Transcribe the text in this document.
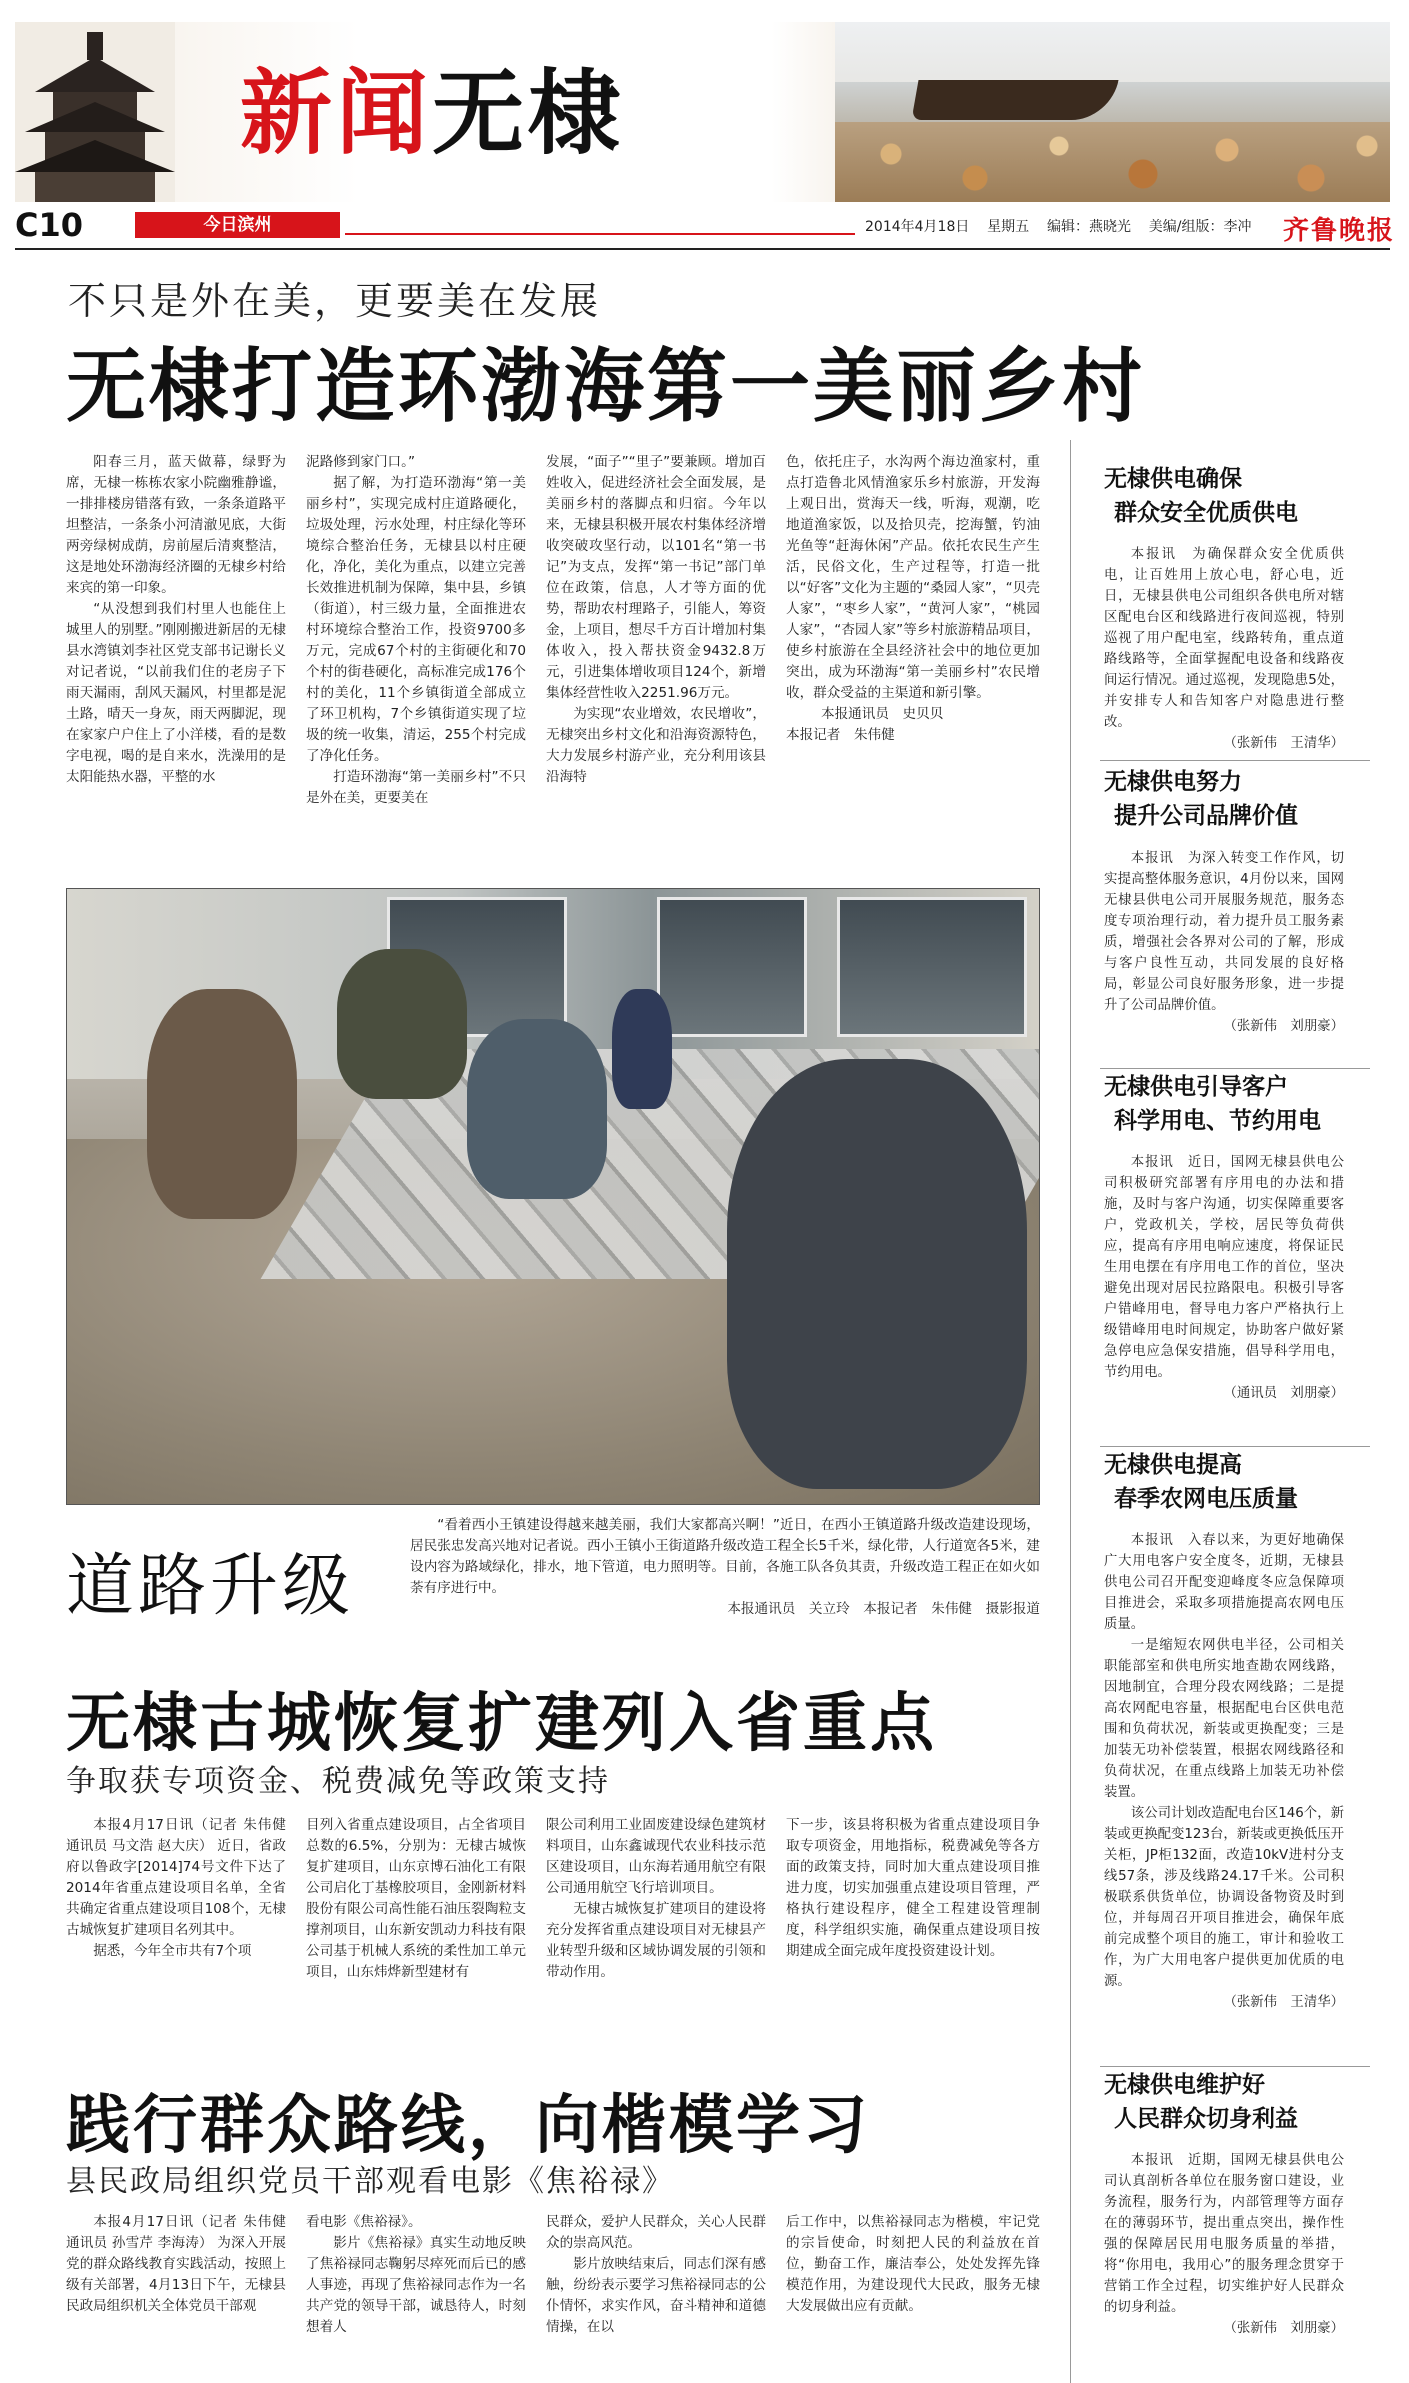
新闻无棣
C10	今日滨州	2014年4月18日 星期五 编辑：燕晓光 美编/组版：李冲 齐鲁晚报
不只是外在美，更要美在发展
无棣打造环渤海第一美丽乡村

阳春三月，蓝天做幕，绿野为席，无棣一栋栋农家小院幽雅静谧，一排排楼房错落有致，一条条道路平坦整洁，一条条小河清澈见底，大街两旁绿树成荫，房前屋后清爽整洁，这是地处环渤海经济圈的无棣乡村给来宾的第一印象。

“从没想到我们村里人也能住上城里人的别墅。”刚刚搬进新居的无棣县水湾镇刘李社区党支部书记谢长义对记者说，“以前我们住的老房子下雨天漏雨，刮风天漏风，村里都是泥土路，晴天一身灰，雨天两脚泥，现在家家户户住上了小洋楼，看的是数字电视，喝的是自来水，洗澡用的是太阳能热水器，平整的水

泥路修到家门口。”

据了解，为打造环渤海“第一美丽乡村”，实现完成村庄道路硬化，垃圾处理，污水处理，村庄绿化等环境综合整治任务，无棣县以村庄硬化，净化，美化为重点，以建立完善长效推进机制为保障，集中县，乡镇（街道），村三级力量，全面推进农村环境综合整治工作，投资9700多万元，完成67个村的主街硬化和70个村的街巷硬化，高标准完成176个村的美化，11个乡镇街道全部成立了环卫机构，7个乡镇街道实现了垃圾的统一收集，清运，255个村完成了净化任务。

打造环渤海“第一美丽乡村”不只是外在美，更要美在

发展，“面子”“里子”要兼顾。增加百姓收入，促进经济社会全面发展，是美丽乡村的落脚点和归宿。今年以来，无棣县积极开展农村集体经济增收突破攻坚行动，以101名“第一书记”为支点，发挥“第一书记”部门单位在政策，信息，人才等方面的优势，帮助农村理路子，引能人，筹资金，上项目，想尽千方百计增加村集体收入，投入帮扶资金9432.8万元，引进集体增收项目124个，新增集体经营性收入2251.96万元。

为实现“农业增效，农民增收”，无棣突出乡村文化和沿海资源特色，大力发展乡村游产业，充分利用该县沿海特

色，依托庄子，水沟两个海边渔家村，重点打造鲁北风情渔家乐乡村旅游，开发海上观日出，赏海天一线，听海，观潮，吃地道渔家饭，以及拾贝壳，挖海蟹，钓油光鱼等“赶海休闲”产品。依托农民生产生活，民俗文化，生产过程等，打造一批以“好客”文化为主题的“桑园人家”，“贝壳人家”，“枣乡人家”，“黄河人家”，“桃园人家”，“杏园人家”等乡村旅游精品项目，使乡村旅游在全县经济社会中的地位更加突出，成为环渤海“第一美丽乡村”农民增收，群众受益的主渠道和新引擎。

本报通讯员　史贝贝

本报记者　朱伟健

道路升级

“看着西小王镇建设得越来越美丽，我们大家都高兴啊！”近日，在西小王镇道路升级改造建设现场，居民张忠发高兴地对记者说。西小王镇小王街道路升级改造工程全长5千米，绿化带，人行道宽各5米，建设内容为路域绿化，排水，地下管道，电力照明等。目前，各施工队各负其责，升级改造工程正在如火如荼有序进行中。

本报通讯员　关立玲　本报记者　朱伟健　摄影报道

无棣古城恢复扩建列入省重点
争取获专项资金、税费减免等政策支持

本报4月17日讯（记者 朱伟健 通讯员 马文浩 赵大庆） 近日，省政府以鲁政字[2014]74号文件下达了2014年省重点建设项目名单，全省共确定省重点建设项目108个，无棣古城恢复扩建项目名列其中。

据悉，今年全市共有7个项

目列入省重点建设项目，占全省项目总数的6.5%，分别为：无棣古城恢复扩建项目，山东京博石油化工有限公司启化丁基橡胶项目，金刚新材料股份有限公司高性能石油压裂陶粒支撑剂项目，山东新安凯动力科技有限公司基于机械人系统的柔性加工单元项目，山东炜烨新型建材有

限公司利用工业固废建设绿色建筑材料项目，山东鑫诚现代农业科技示范区建设项目，山东海若通用航空有限公司通用航空飞行培训项目。

无棣古城恢复扩建项目的建设将充分发挥省重点建设项目对无棣县产业转型升级和区域协调发展的引领和带动作用。

下一步，该县将积极为省重点建设项目争取专项资金，用地指标，税费减免等各方面的政策支持，同时加大重点建设项目推进力度，切实加强重点建设项目管理，严格执行建设程序，健全工程建设管理制度，科学组织实施，确保重点建设项目按期建成全面完成年度投资建设计划。

践行群众路线，向楷模学习
县民政局组织党员干部观看电影《焦裕禄》

本报4月17日讯（记者 朱伟健 通讯员 孙雪芹 李海涛） 为深入开展党的群众路线教育实践活动，按照上级有关部署，4月13日下午，无棣县民政局组织机关全体党员干部观

看电影《焦裕禄》。

影片《焦裕禄》真实生动地反映了焦裕禄同志鞠躬尽瘁死而后已的感人事迹，再现了焦裕禄同志作为一名共产党的领导干部，诚恳待人，时刻想着人

民群众，爱护人民群众，关心人民群众的崇高风范。

影片放映结束后，同志们深有感触，纷纷表示要学习焦裕禄同志的公仆情怀，求实作风，奋斗精神和道德情操，在以

后工作中，以焦裕禄同志为楷模，牢记党的宗旨使命，时刻把人民的利益放在首位，勤奋工作，廉洁奉公，处处发挥先锋模范作用，为建设现代大民政，服务无棣大发展做出应有贡献。

无棣供电确保
群众安全优质供电

本报讯　为确保群众安全优质供电，让百姓用上放心电，舒心电，近日，无棣县供电公司组织各供电所对辖区配电台区和线路进行夜间巡视，特别巡视了用户配电室，线路转角，重点道路线路等，全面掌握配电设备和线路夜间运行情况。通过巡视，发现隐患5处，并安排专人和告知客户对隐患进行整改。

（张新伟　王清华）

无棣供电努力
提升公司品牌价值

本报讯　为深入转变工作作风，切实提高整体服务意识，4月份以来，国网无棣县供电公司开展服务规范，服务态度专项治理行动，着力提升员工服务素质，增强社会各界对公司的了解，形成与客户良性互动，共同发展的良好格局，彰显公司良好服务形象，进一步提升了公司品牌价值。

（张新伟　刘朋豪）

无棣供电引导客户
科学用电、节约用电

本报讯　近日，国网无棣县供电公司积极研究部署有序用电的办法和措施，及时与客户沟通，切实保障重要客户，党政机关，学校，居民等负荷供应，提高有序用电响应速度，将保证民生用电摆在有序用电工作的首位，坚决避免出现对居民拉路限电。积极引导客户错峰用电，督导电力客户严格执行上级错峰用电时间规定，协助客户做好紧急停电应急保安措施，倡导科学用电，节约用电。

（通讯员　刘朋豪）

无棣供电提高
春季农网电压质量

本报讯　入春以来，为更好地确保广大用电客户安全度冬，近期，无棣县供电公司召开配变迎峰度冬应急保障项目推进会，采取多项措施提高农网电压质量。

一是缩短农网供电半径，公司相关职能部室和供电所实地查勘农网线路，因地制宜，合理分段农网线路；二是提高农网配电容量，根据配电台区供电范围和负荷状况，新装或更换配变；三是加装无功补偿装置，根据农网线路径和负荷状况，在重点线路上加装无功补偿装置。

该公司计划改造配电台区146个，新装或更换配变123台，新装或更换低压开关柜，JP柜132面，改造10kV进村分支线57条，涉及线路24.17千米。公司积极联系供货单位，协调设备物资及时到位，并每周召开项目推进会，确保年底前完成整个项目的施工，审计和验收工作，为广大用电客户提供更加优质的电源。

（张新伟　王清华）

无棣供电维护好
人民群众切身利益

本报讯　近期，国网无棣县供电公司认真剖析各单位在服务窗口建设，业务流程，服务行为，内部管理等方面存在的薄弱环节，提出重点突出，操作性强的保障居民用电服务质量的举措，将“你用电，我用心”的服务理念贯穿于营销工作全过程，切实维护好人民群众的切身利益。

（张新伟　刘朋豪）
